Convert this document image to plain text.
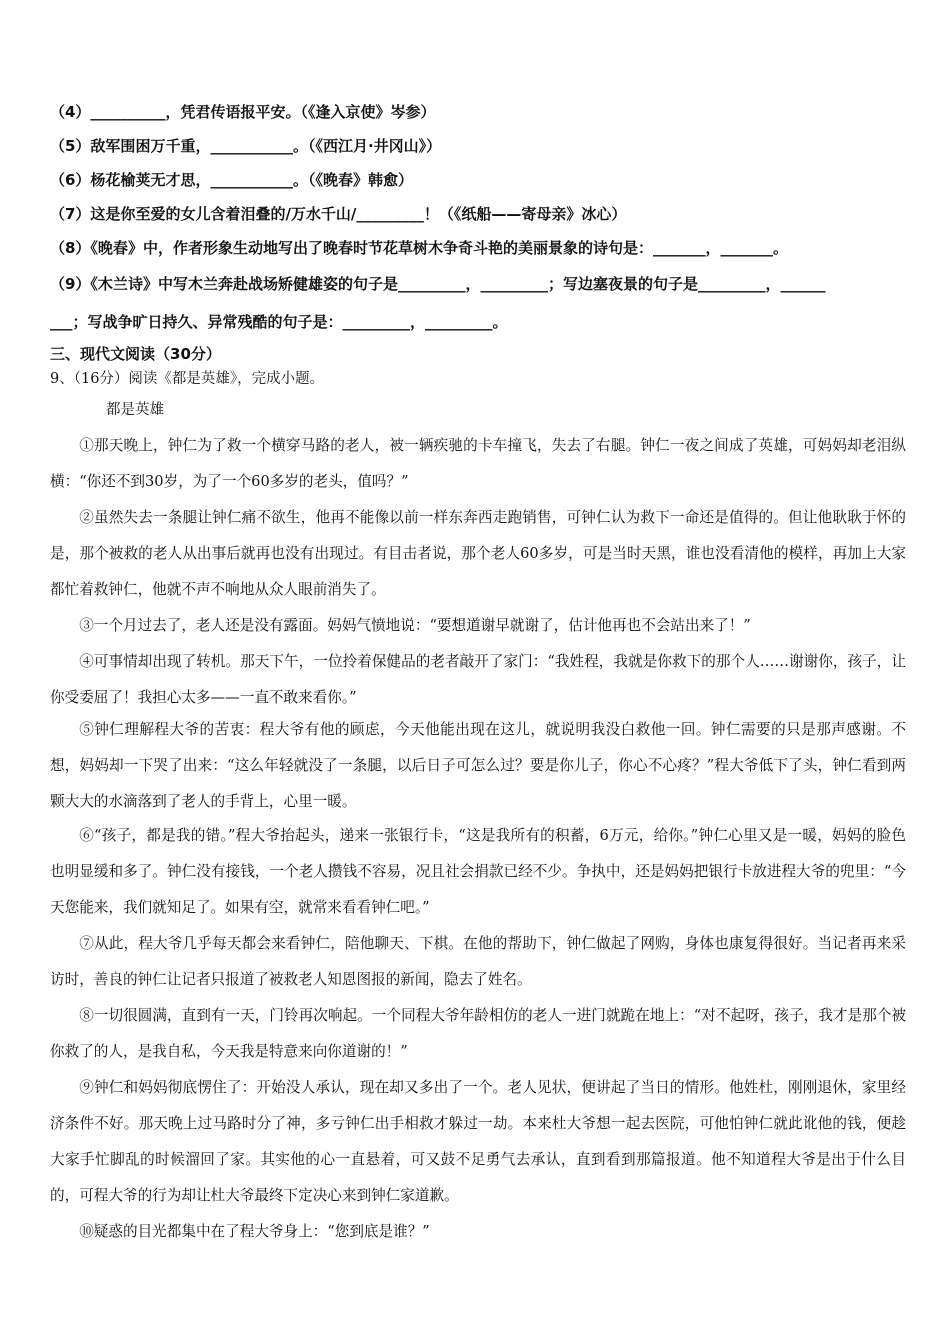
（4）__________，凭君传语报平安。（《逢入京使》岑参）
（5）敌军围困万千重，___________。（《西江月·井冈山》）
（6）杨花榆荚无才思，___________。（《晚春》韩愈）
（7）这是你至爱的女儿含着泪叠的/万水千山/_________！（《纸船——寄母亲》冰心）
（8）《晚春》中，作者形象生动地写出了晚春时节花草树木争奇斗艳的美丽景象的诗句是：_______，_______。
（9）《木兰诗》中写木兰奔赴战场矫健雄姿的句子是_________，_________；写边塞夜景的句子是_________，______
___；写战争旷日持久、异常残酷的句子是：_________，_________。
三、现代文阅读（30分）
9、（16分）阅读《都是英雄》，完成小题。
都是英雄
①那天晚上，钟仁为了救一个横穿马路的老人，被一辆疾驰的卡车撞飞，失去了右腿。钟仁一夜之间成了英雄，可妈妈却老泪纵横：“你还不到30岁，为了一个60多岁的老头，值吗？”
②虽然失去一条腿让钟仁痛不欲生，他再不能像以前一样东奔西走跑销售，可钟仁认为救下一命还是值得的。但让他耿耿于怀的是，那个被救的老人从出事后就再也没有出现过。有目击者说，那个老人60多岁，可是当时天黑，谁也没看清他的模样，再加上大家都忙着救钟仁，他就不声不响地从众人眼前消失了。
③一个月过去了，老人还是没有露面。妈妈气愤地说：“要想道谢早就谢了，估计他再也不会站出来了！”
④可事情却出现了转机。那天下午，一位拎着保健品的老者敲开了家门：“我姓程，我就是你救下的那个人……谢谢你，孩子，让你受委屈了！我担心太多——一直不敢来看你。”
⑤钟仁理解程大爷的苦衷：程大爷有他的顾虑，今天他能出现在这儿，就说明我没白救他一回。钟仁需要的只是那声感谢。不想，妈妈却一下哭了出来：“这么年轻就没了一条腿，以后日子可怎么过？要是你儿子，你心不心疼？”程大爷低下了头，钟仁看到两颗大大的水滴落到了老人的手背上，心里一暖。
⑥“孩子，都是我的错。”程大爷抬起头，递来一张银行卡，“这是我所有的积蓄，6万元，给你。”钟仁心里又是一暖，妈妈的脸色也明显缓和多了。钟仁没有接钱，一个老人攒钱不容易，况且社会捐款已经不少。争执中，还是妈妈把银行卡放进程大爷的兜里：“今天您能来，我们就知足了。如果有空，就常来看看钟仁吧。”
⑦从此，程大爷几乎每天都会来看钟仁，陪他聊天、下棋。在他的帮助下，钟仁做起了网购，身体也康复得很好。当记者再来采访时，善良的钟仁让记者只报道了被救老人知恩图报的新闻，隐去了姓名。
⑧一切很圆满，直到有一天，门铃再次响起。一个同程大爷年龄相仿的老人一进门就跪在地上：“对不起呀，孩子，我才是那个被你救了的人，是我自私，今天我是特意来向你道谢的！”
⑨钟仁和妈妈彻底愣住了：开始没人承认，现在却又多出了一个。老人见状，便讲起了当日的情形。他姓杜，刚刚退休，家里经济条件不好。那天晚上过马路时分了神，多亏钟仁出手相救才躲过一劫。本来杜大爷想一起去医院，可他怕钟仁就此讹他的钱，便趁大家手忙脚乱的时候溜回了家。其实他的心一直悬着，可又鼓不足勇气去承认，直到看到那篇报道。他不知道程大爷是出于什么目的，可程大爷的行为却让杜大爷最终下定决心来到钟仁家道歉。
⑩疑惑的目光都集中在了程大爷身上：“您到底是谁？”
